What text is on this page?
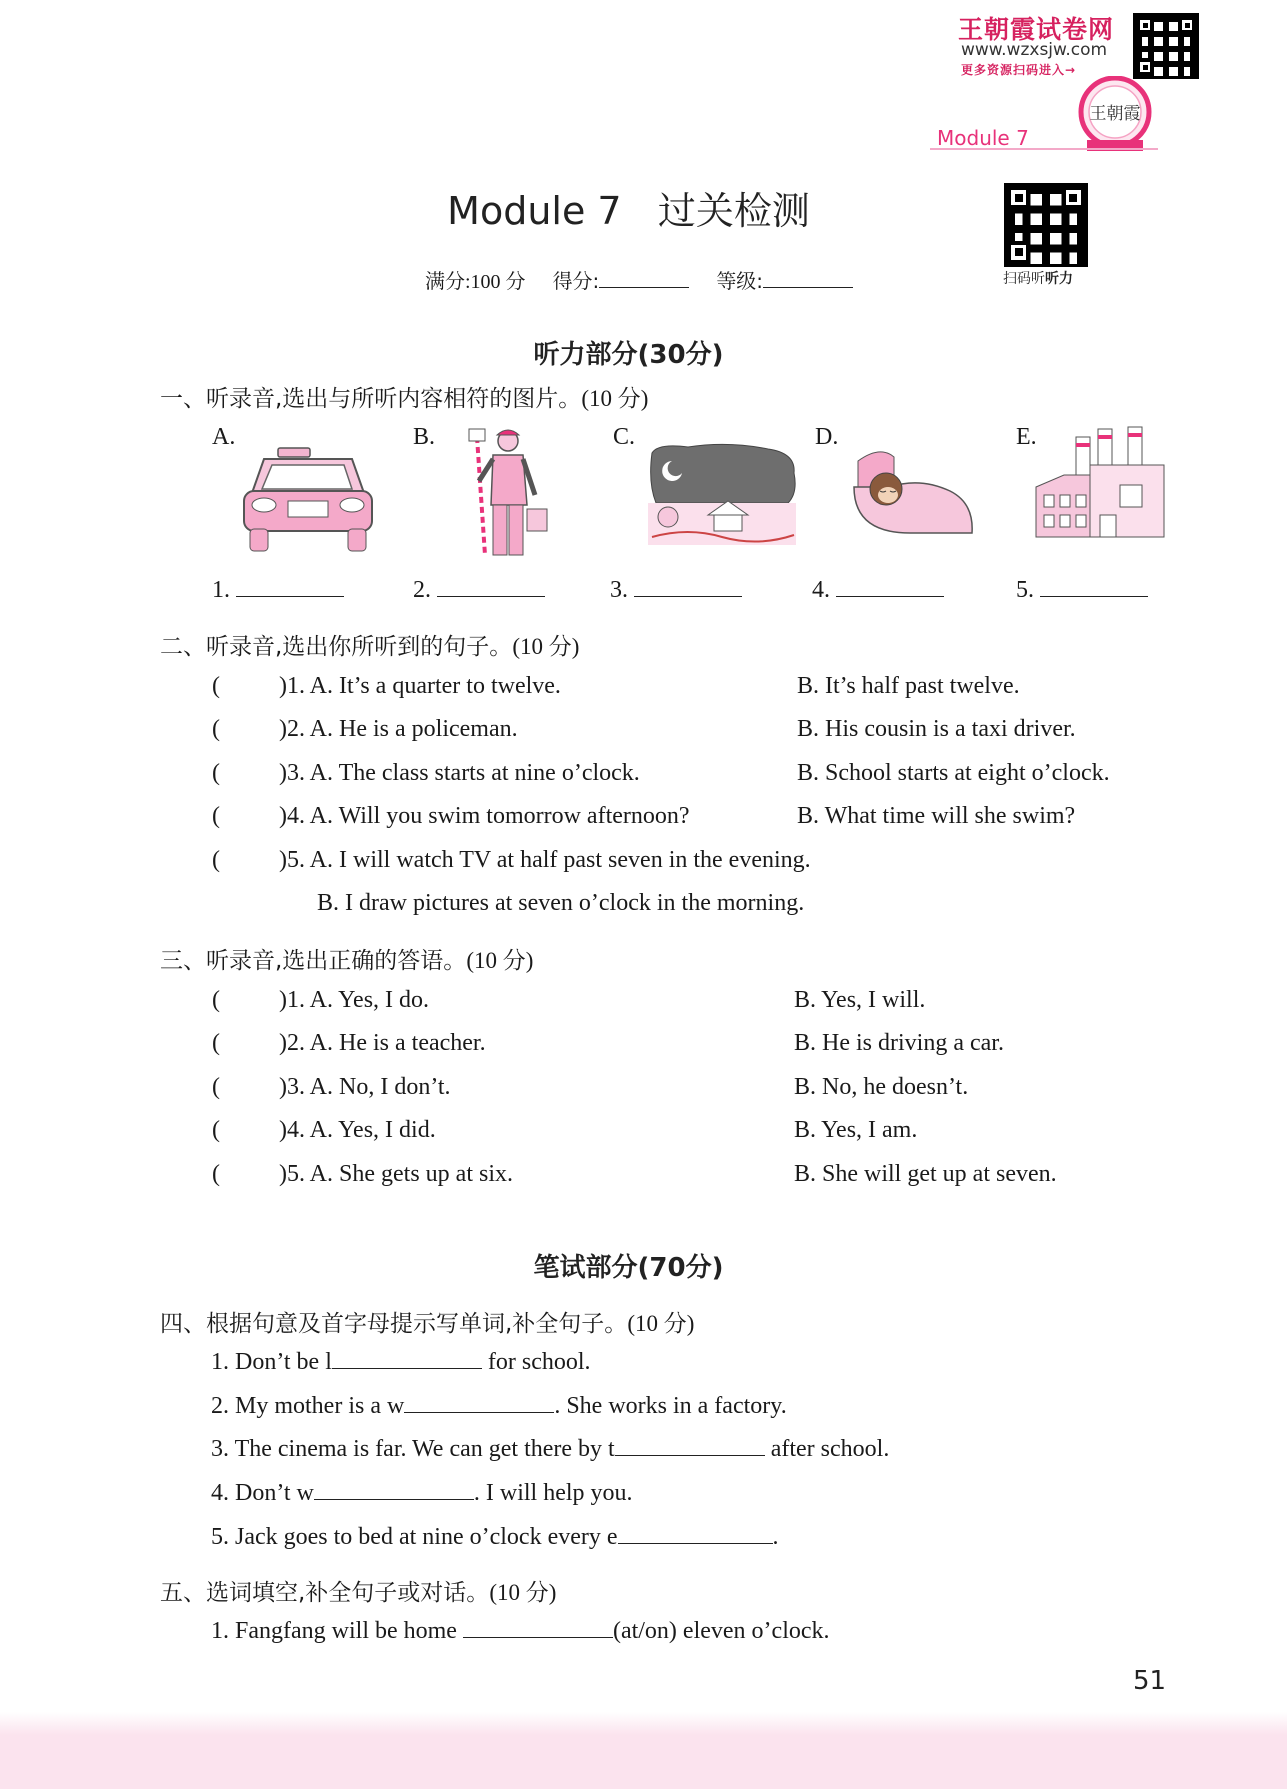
王朝霞试卷网
www.wzxsjw.com
更多资源扫码进入→
王朝霞
Module 7
Module 7   过关检测
扫码听听力
满分:100 分 得分:	等级:
听力部分(30分)
一、听录音,选出与所听内容相符的图片。(10 分)
A.	B.	C.	D.	E.
1.	2.	3.	4.	5.
二、听录音,选出你所听到的句子。(10 分)
( )1. A. It’s a quarter to twelve.	B. It’s half past twelve.
( )2. A. He is a policeman.	B. His cousin is a taxi driver.
( )3. A. The class starts at nine o’clock.	B. School starts at eight o’clock.
( )4. A. Will you swim tomorrow afternoon?	B. What time will she swim?
( )5. A. I will watch TV at half past seven in the evening.
B. I draw pictures at seven o’clock in the morning.
三、听录音,选出正确的答语。(10 分)
( )1. A. Yes, I do.	B. Yes, I will.
( )2. A. He is a teacher.	B. He is driving a car.
( )3. A. No, I don’t.	B. No, he doesn’t.
( )4. A. Yes, I did.	B. Yes, I am.
( )5. A. She gets up at six.	B. She will get up at seven.
笔试部分(70分)
四、根据句意及首字母提示写单词,补全句子。(10 分)
1. Don’t be l	for school.
2. My mother is a w	. She works in a factory.
3. The cinema is far. We can get there by t	after school.
4. Don’t w	. I will help you.
5. Jack goes to bed at nine o’clock every e	.
五、选词填空,补全句子或对话。(10 分)
1. Fangfang will be home	(at/on) eleven o’clock.
51
